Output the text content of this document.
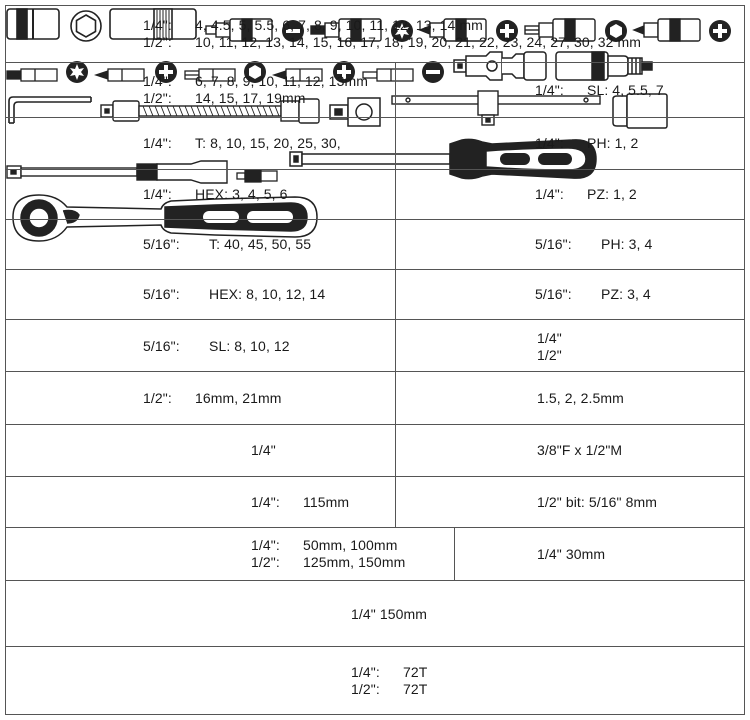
1/4": 4, 4.5, 5, 5.5, 6, 7, 8, 9, 10, 11, 12, 13, 14 mm
1/2": 10, 11, 12, 13, 14, 15, 16, 17, 18, 19, 20, 21, 22, 23, 24, 27, 30, 32 mm

1/4": 6, 7, 8, 9, 10, 11, 12, 13mm
1/2": 14, 15, 17, 19mm
	1/4": SL: 4, 5.5, 7

1/4": T: 8, 10, 15, 20, 25, 30,
	1/4": PH: 1, 2

1/4": HEX: 3, 4, 5, 6
	1/4": PZ: 1, 2

5/16": T: 40, 45, 50, 55
	5/16": PH: 3, 4

5/16": HEX: 8, 10, 12, 14
	5/16": PZ: 3, 4

5/16": SL: 8, 10, 12
	1/4"
1/2"

1/2": 16mm, 21mm
	1.5, 2, 2.5mm

1/4"
	3/8"F x 1/2"M

1/4": 115mm
	1/2" bit: 5/16" 8mm

1/4": 50mm, 100mm
1/2": 125mm, 150mm
	1/4" 30mm

1/4" 150mm
1/4": 72T
1/2": 72T
